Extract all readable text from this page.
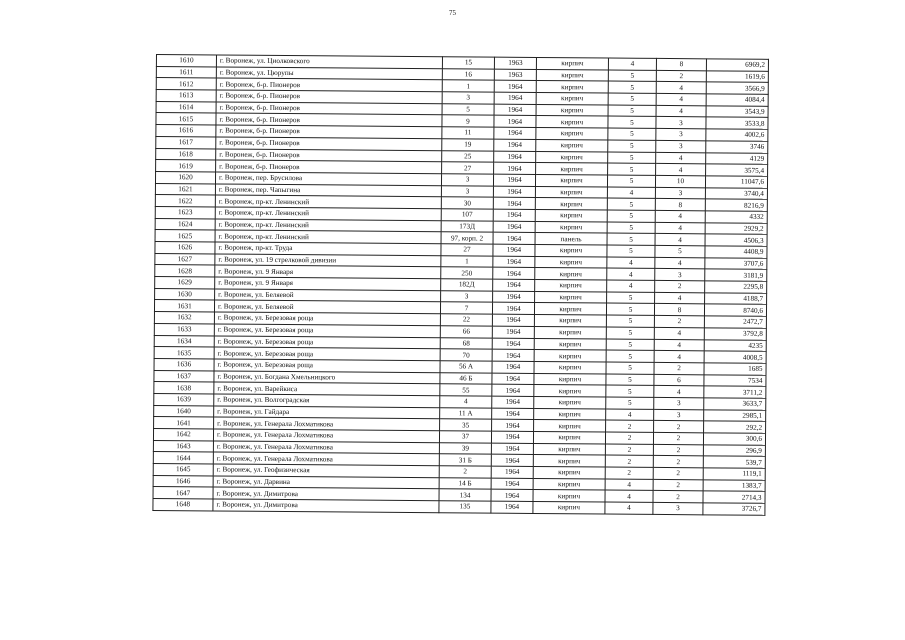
75
1610	г. Воронеж, ул. Циолковского	15	1963	кирпич	4	8	6969,2
1611	г. Воронеж, ул. Цюрупы	16	1963	кирпич	5	2	1619,6
1612	г. Воронеж, б-р. Пионеров	1	1964	кирпич	5	4	3566,9
1613	г. Воронеж, б-р. Пионеров	3	1964	кирпич	5	4	4084,4
1614	г. Воронеж, б-р. Пионеров	5	1964	кирпич	5	4	3543,9
1615	г. Воронеж, б-р. Пионеров	9	1964	кирпич	5	3	3533,8
1616	г. Воронеж, б-р. Пионеров	11	1964	кирпич	5	3	4002,6
1617	г. Воронеж, б-р. Пионеров	19	1964	кирпич	5	3	3746
1618	г. Воронеж, б-р. Пионеров	25	1964	кирпич	5	4	4129
1619	г. Воронеж, б-р. Пионеров	27	1964	кирпич	5	4	3575,4
1620	г. Воронеж, пер. Брусилова	3	1964	кирпич	5	10	11047,6
1621	г. Воронеж, пер. Чапыгина	3	1964	кирпич	4	3	3740,4
1622	г. Воронеж, пр-кт. Ленинский	30	1964	кирпич	5	8	8216,9
1623	г. Воронеж, пр-кт. Ленинский	107	1964	кирпич	5	4	4332
1624	г. Воронеж, пр-кт. Ленинский	173Д	1964	кирпич	5	4	2929,2
1625	г. Воронеж, пр-кт. Ленинский	97, корп. 2	1964	панель	5	4	4506,3
1626	г. Воронеж, пр-кт. Труда	27	1964	кирпич	5	5	4408,9
1627	г. Воронеж, ул. 19 стрелковой дивизии	1	1964	кирпич	4	4	3707,6
1628	г. Воронеж, ул. 9 Января	250	1964	кирпич	4	3	3181,9
1629	г. Воронеж, ул. 9 Января	182Д	1964	кирпич	4	2	2295,8
1630	г. Воронеж, ул. Беляевой	3	1964	кирпич	5	4	4188,7
1631	г. Воронеж, ул. Беляевой	7	1964	кирпич	5	8	8740,6
1632	г. Воронеж, ул. Березовая роща	22	1964	кирпич	5	2	2472,7
1633	г. Воронеж, ул. Березовая роща	66	1964	кирпич	5	4	3792,8
1634	г. Воронеж, ул. Березовая роща	68	1964	кирпич	5	4	4235
1635	г. Воронеж, ул. Березовая роща	70	1964	кирпич	5	4	4008,5
1636	г. Воронеж, ул. Березовая роща	56 А	1964	кирпич	5	2	1685
1637	г. Воронеж, ул. Богдана Хмельницкого	46 Б	1964	кирпич	5	6	7534
1638	г. Воронеж, ул. Варейкиса	55	1964	кирпич	5	4	3711,2
1639	г. Воронеж, ул. Волгоградская	4	1964	кирпич	5	3	3633,7
1640	г. Воронеж, ул. Гайдара	11 А	1964	кирпич	4	3	2985,1
1641	г. Воронеж, ул. Генерала Лохматикова	35	1964	кирпич	2	2	292,2
1642	г. Воронеж, ул. Генерала Лохматикова	37	1964	кирпич	2	2	300,6
1643	г. Воронеж, ул. Генерала Лохматикова	39	1964	кирпич	2	2	296,9
1644	г. Воронеж, ул. Генерала Лохматикова	31 Б	1964	кирпич	2	2	539,7
1645	г. Воронеж, ул. Геофизическая	2	1964	кирпич	2	2	1119,1
1646	г. Воронеж, ул. Дарвина	14 Б	1964	кирпич	4	2	1383,7
1647	г. Воронеж, ул. Димитрова	134	1964	кирпич	4	2	2714,3
1648	г. Воронеж, ул. Димитрова	135	1964	кирпич	4	3	3726,7
